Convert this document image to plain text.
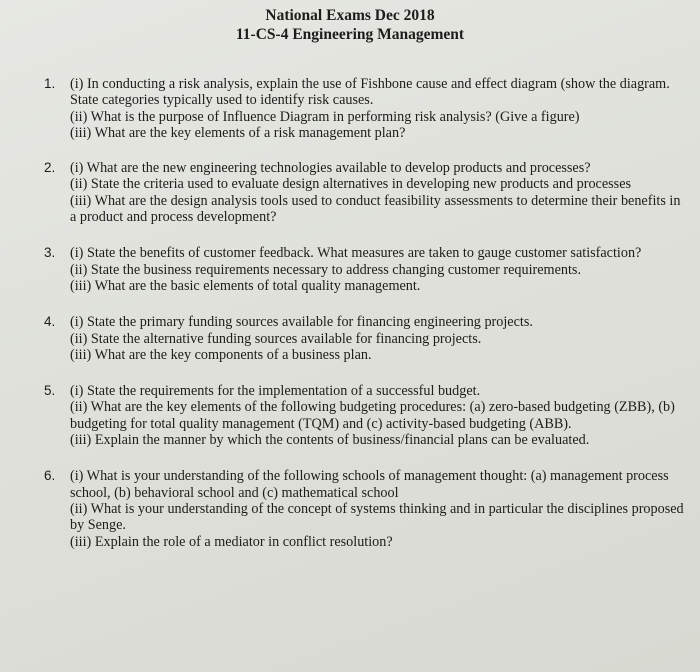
National Exams Dec 2018
11-CS-4 Engineering Management
1.	(i) In conducting a risk analysis, explain the use of Fishbone cause and effect diagram (show the diagram. State categories typically used to identify risk causes.
(ii) What is the purpose of Influence Diagram in performing risk analysis? (Give a figure)
(iii) What are the key elements of a risk management plan?
2.	(i) What are the new engineering technologies available to develop products and processes?
(ii) State the criteria used to evaluate design alternatives in developing new products and processes
(iii) What are the design analysis tools used to conduct feasibility assessments to determine their benefits in a product and process development?
3.	(i) State the benefits of customer feedback. What measures are taken to gauge customer satisfaction?
(ii) State the business requirements necessary to address changing customer requirements.
(iii) What are the basic elements of total quality management.
4.	(i) State the primary funding sources available for financing engineering projects.
(ii) State the alternative funding sources available for financing projects.
(iii) What are the key components of a business plan.
5.	(i) State the requirements for the implementation of a successful budget.
(ii) What are the key elements of the following budgeting procedures: (a) zero-based budgeting (ZBB), (b) budgeting for total quality management (TQM) and (c) activity-based budgeting (ABB).
(iii) Explain the manner by which the contents of business/financial plans can be evaluated.
6.	(i) What is your understanding of the following schools of management thought: (a) management process school, (b) behavioral school and (c) mathematical school
(ii) What is your understanding of the concept of systems thinking and in particular the disciplines proposed by Senge.
(iii) Explain the role of a mediator in conflict resolution?
